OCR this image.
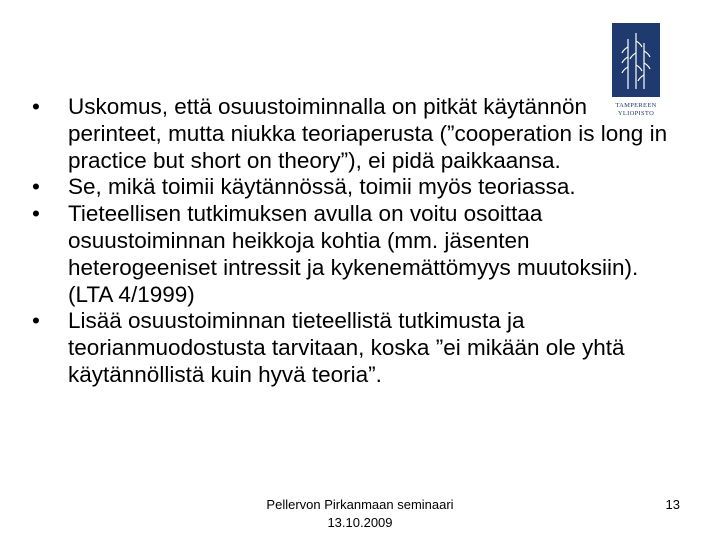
TAMPEREEN
YLIOPISTO
•	Uskomus, että osuustoiminnalla on pitkät käytännön perinteet, mutta niukka teoriaperusta (”cooperation is long in practice but short on theory”), ei pidä paikkaansa.
•	Se, mikä toimii käytännössä, toimii myös teoriassa.
•	Tieteellisen tutkimuksen avulla on voitu osoittaa osuustoiminnan heikkoja kohtia (mm. jäsenten heterogeeniset intressit ja kykenemättömyys muutoksiin). (LTA 4/1999)
•	Lisää osuustoiminnan tieteellistä tutkimusta ja teorianmuodostusta tarvitaan, koska ”ei mikään ole yhtä käytännöllistä kuin hyvä teoria”.
Pellervon Pirkanmaan seminaari
13.10.2009
13
